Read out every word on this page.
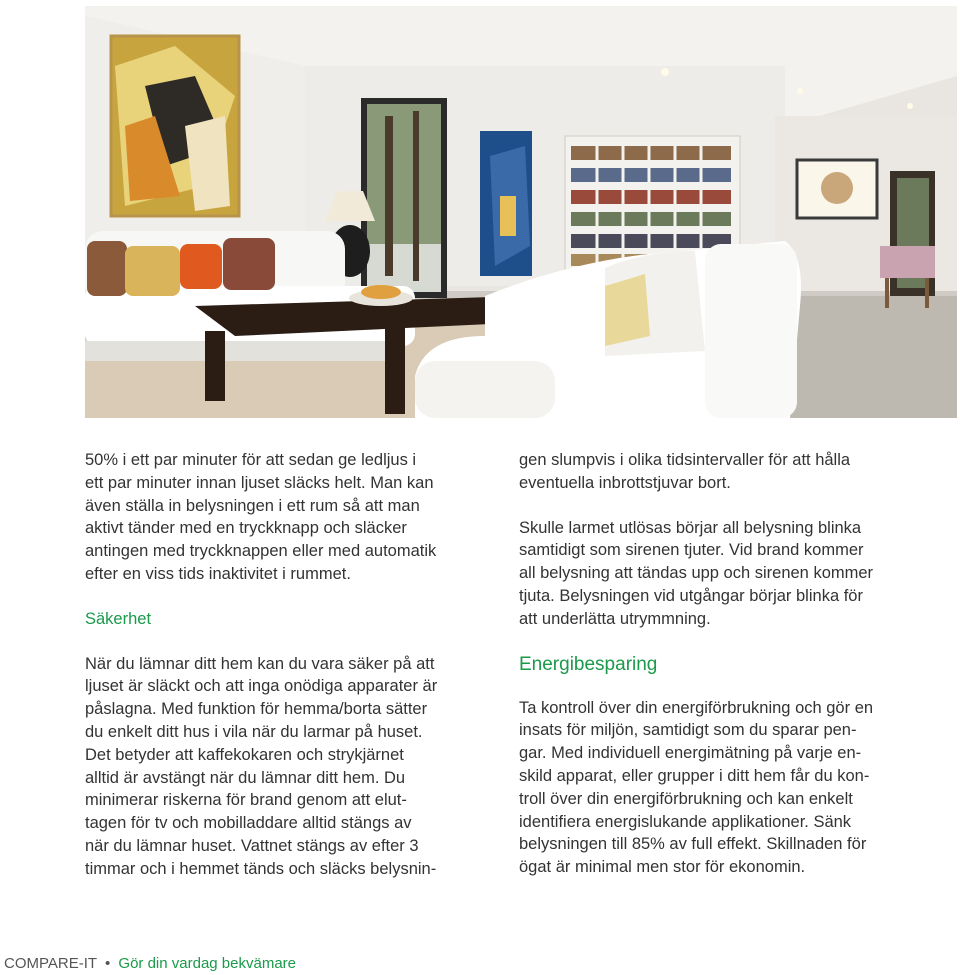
50% i ett par minuter för att sedan ge ledljus i
ett par minuter innan ljuset släcks helt. Man kan
även ställa in belysningen i ett rum så att man
aktivt tänder med en tryckknapp och släcker
antingen med tryckknappen eller med automatik
efter en viss tids inaktivitet i rummet.

Säkerhet

När du lämnar ditt hem kan du vara säker på att
ljuset är släckt och att inga onödiga apparater är
påslagna. Med funktion för hemma/borta sätter
du enkelt ditt hus i vila när du larmar på huset.
Det betyder att kaffekokaren och strykjärnet
alltid är avstängt när du lämnar ditt hem. Du
minimerar riskerna för brand genom att elut-
tagen för tv och mobilladdare alltid stängs av
när du lämnar huset. Vattnet stängs av efter 3
timmar och i hemmet tänds och släcks belysnin-

gen slumpvis i olika tidsintervaller för att hålla
eventuella inbrottstjuvar bort.

Skulle larmet utlösas börjar all belysning blinka
samtidigt som sirenen tjuter. Vid brand kommer
all belysning att tändas upp och sirenen kommer
tjuta. Belysningen vid utgångar börjar blinka för
att underlätta utrymmning.

Energibesparing

Ta kontroll över din energiförbrukning och gör en
insats för miljön, samtidigt som du sparar pen-
gar. Med individuell energimätning på varje en-
skild apparat, eller grupper i ditt hem får du kon-
troll över din energiförbrukning och kan enkelt
identifiera energislukande applikationer. Sänk
belysningen till 85% av full effekt. Skillnaden för
ögat är minimal men stor för ekonomin.

COMPARE-IT • Gör din vardag bekvämare
